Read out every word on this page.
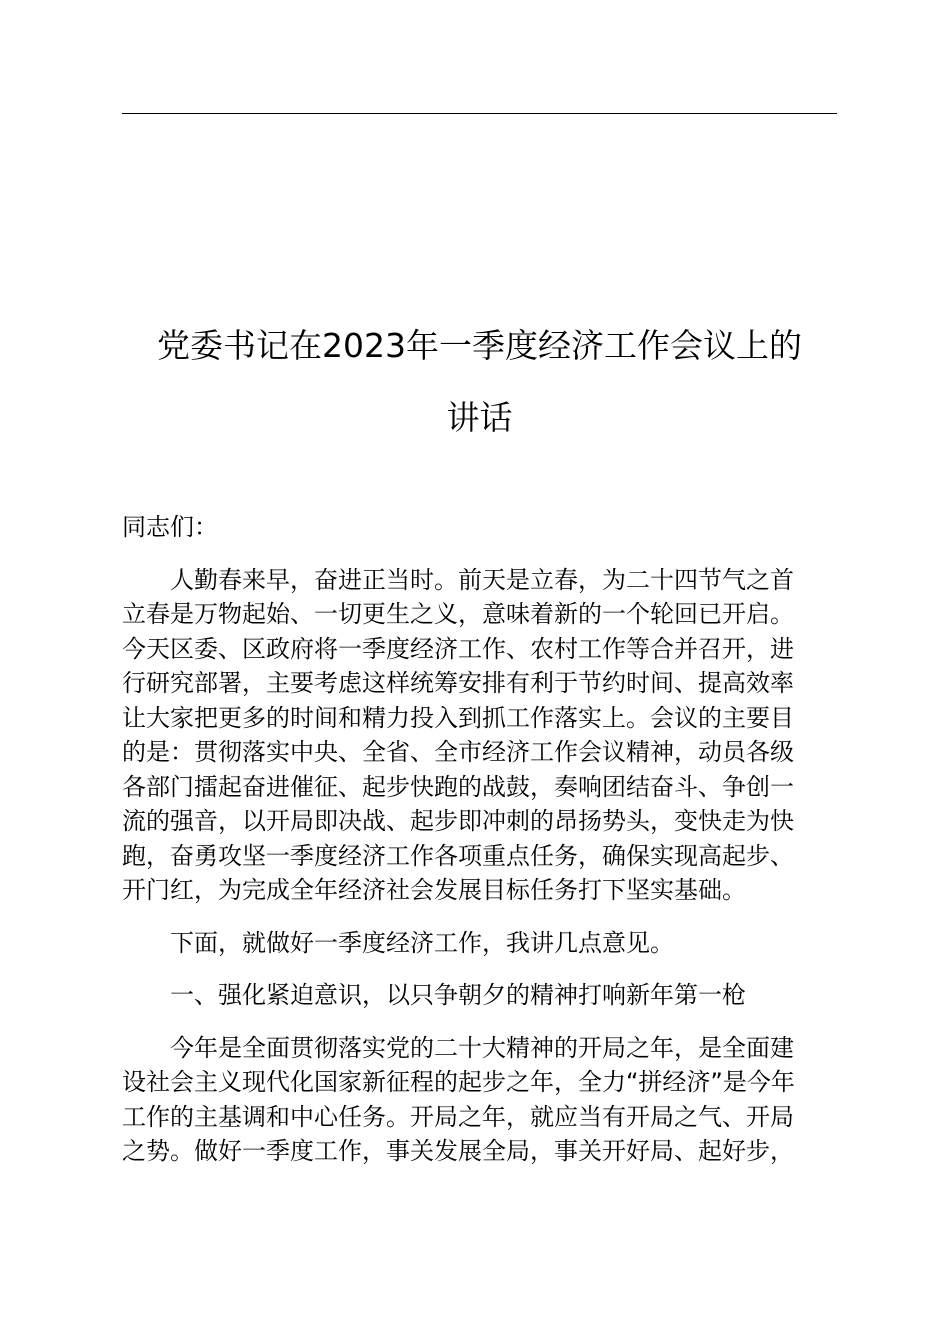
党委书记在2023年一季度经济工作会议上的
讲话
同志们：
人勤春来早，奋进正当时。前天是立春，为二十四节气之首
立春是万物起始、一切更生之义，意味着新的一个轮回已开启。
今天区委、区政府将一季度经济工作、农村工作等合并召开，进
行研究部署，主要考虑这样统筹安排有利于节约时间、提高效率
让大家把更多的时间和精力投入到抓工作落实上。会议的主要目
的是：贯彻落实中央、全省、全市经济工作会议精神，动员各级
各部门擂起奋进催征、起步快跑的战鼓，奏响团结奋斗、争创一
流的强音，以开局即决战、起步即冲刺的昂扬势头，变快走为快
跑，奋勇攻坚一季度经济工作各项重点任务，确保实现高起步、
开门红，为完成全年经济社会发展目标任务打下坚实基础。
下面，就做好一季度经济工作，我讲几点意见。
一、强化紧迫意识，以只争朝夕的精神打响新年第一枪
今年是全面贯彻落实党的二十大精神的开局之年，是全面建
设社会主义现代化国家新征程的起步之年，全力“拼经济”是今年
工作的主基调和中心任务。开局之年，就应当有开局之气、开局
之势。做好一季度工作，事关发展全局，事关开好局、起好步，
